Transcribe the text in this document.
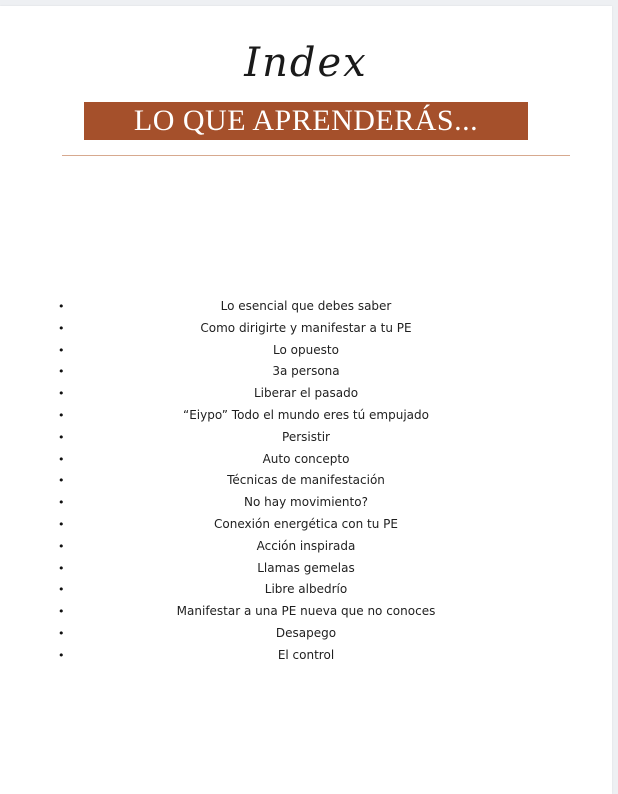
Index
LO QUE APRENDERÁS...
•	Lo esencial que debes saber
•	Como dirigirte y manifestar a tu PE
•	Lo opuesto
•	3a persona
•	Liberar el pasado
•	“Eiypo” Todo el mundo eres tú empujado
•	Persistir
•	Auto concepto
•	Técnicas de manifestación
•	No hay movimiento?
•	Conexión energética con tu PE
•	Acción inspirada
•	Llamas gemelas
•	Libre albedrío
•	Manifestar a una PE nueva que no conoces
•	Desapego
•	El control
